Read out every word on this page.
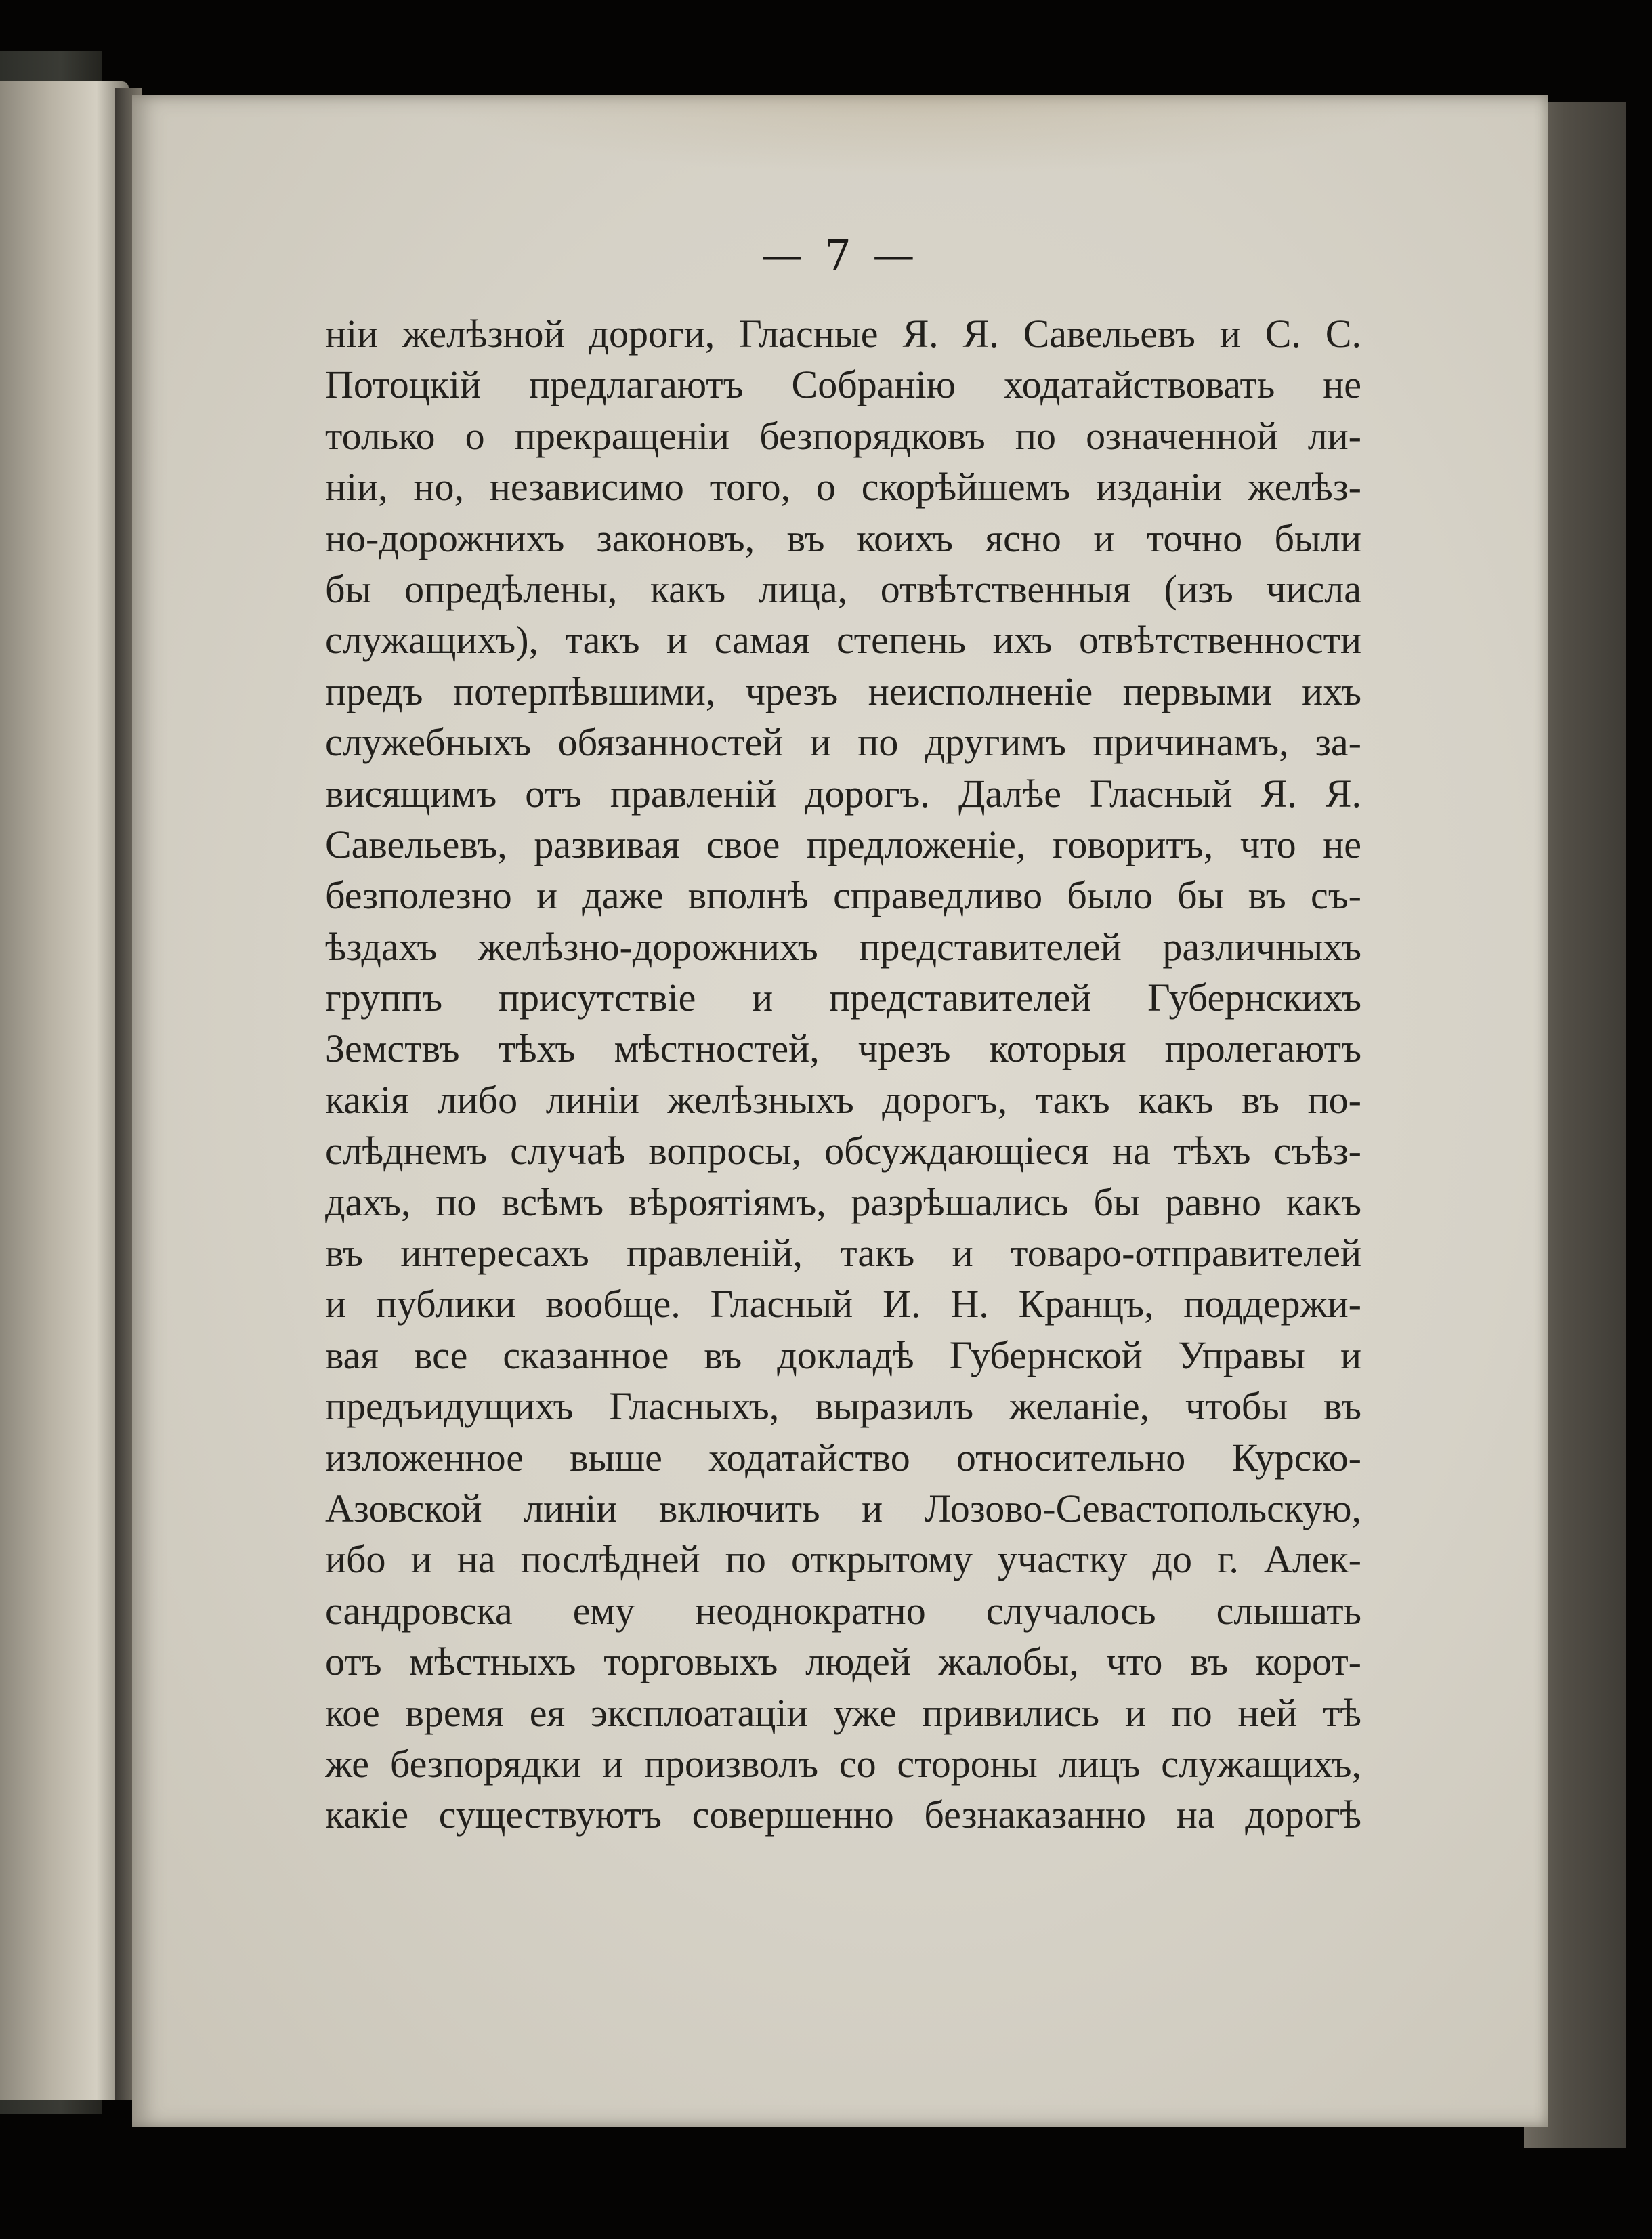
— 7 —
нiи желѣзной дороги, Гласные Я. Я. Савельевъ и С. С.
Потоцкiй предлагаютъ Собранiю ходатайствовать не
только о прекращенiи безпорядковъ по означенной ли-
нiи, но, независимо того, о скорѣйшемъ изданiи желѣз-
но-дорожнихъ законовъ, въ коихъ ясно и точно были
бы опредѣлены, какъ лица, отвѣтственныя (изъ числа
служащихъ), такъ и самая степень ихъ отвѣтственности
предъ потерпѣвшими, чрезъ неисполненiе первыми ихъ
служебныхъ обязанностей и по другимъ причинамъ, за-
висящимъ отъ правленiй дорогъ. Далѣе Гласный Я. Я.
Савельевъ, развивая свое предложенiе, говоритъ, что не
безполезно и даже вполнѣ справедливо было бы въ съ-
ѣздахъ желѣзно-дорожнихъ представителей различныхъ
группъ присутствiе и представителей Губернскихъ
Земствъ тѣхъ мѣстностей, чрезъ которыя пролегаютъ
какiя либо линiи желѣзныхъ дорогъ, такъ какъ въ по-
слѣднемъ случаѣ вопросы, обсуждающiеся на тѣхъ съѣз-
дахъ, по всѣмъ вѣроятiямъ, разрѣшались бы равно какъ
въ интересахъ правленiй, такъ и товаро-отправителей
и публики вообще. Гласный И. Н. Кранцъ, поддержи-
вая все сказанное въ докладѣ Губернской Управы и
предъидущихъ Гласныхъ, выразилъ желанiе, чтобы въ
изложенное выше ходатайство относительно Курско-
Азовской линiи включить и Лозово-Севастопольскую,
ибо и на послѣдней по открытому участку до г. Алек-
сандровска ему неоднократно случалось слышать
отъ мѣстныхъ торговыхъ людей жалобы, что въ корот-
кое время ея эксплоатацiи уже привились и по ней тѣ
же безпорядки и произволъ со стороны лицъ служащихъ,
какiе существуютъ совершенно безнаказанно на дорогѣ
